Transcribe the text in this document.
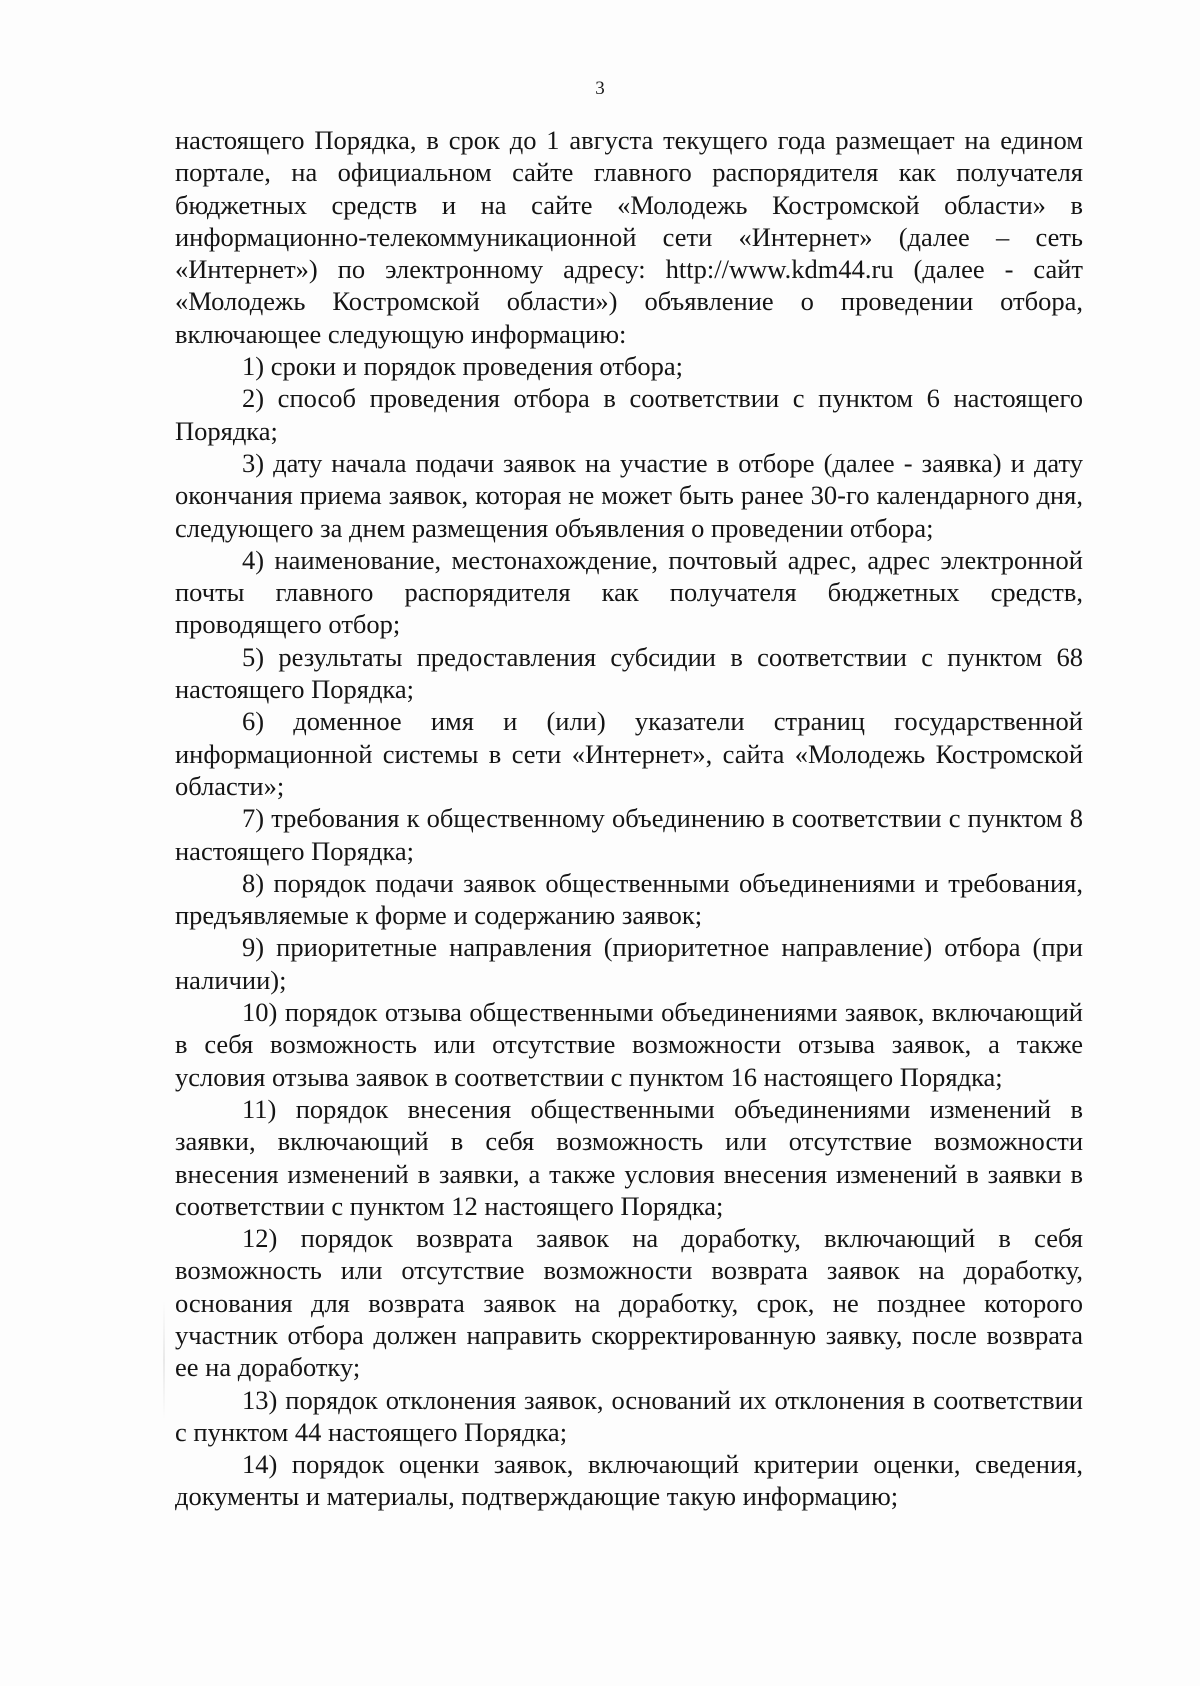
3

настоящего Порядка, в срок до 1 августа текущего года размещает на едином портале, на официальном сайте главного распорядителя как получателя бюджетных средств и на сайте «Молодежь Костромской области» в информационно-телекоммуникационной сети «Интернет» (далее – сеть «Интернет») по электронному адресу: http://www.kdm44.ru (далее - сайт «Молодежь Костромской области») объявление о проведении отбора, включающее следующую информацию:

1) сроки и порядок проведения отбора;

2) способ проведения отбора в соответствии с пунктом 6 настоящего Порядка;

3) дату начала подачи заявок на участие в отборе (далее - заявка) и дату окончания приема заявок, которая не может быть ранее 30-го календарного дня, следующего за днем размещения объявления о проведении отбора;

4) наименование, местонахождение, почтовый адрес, адрес электронной почты главного распорядителя как получателя бюджетных средств, проводящего отбор;

5) результаты предоставления субсидии в соответствии с пунктом 68 настоящего Порядка;

6) доменное имя и (или) указатели страниц государственной информационной системы в сети «Интернет», сайта «Молодежь Костромской области»;

7) требования к общественному объединению в соответствии с пунктом 8 настоящего Порядка;

8) порядок подачи заявок общественными объединениями и требования, предъявляемые к форме и содержанию заявок;

9) приоритетные направления (приоритетное направление) отбора (при наличии);

10) порядок отзыва общественными объединениями заявок, включающий в себя возможность или отсутствие возможности отзыва заявок, а также условия отзыва заявок в соответствии с пунктом 16 настоящего Порядка;

11) порядок внесения общественными объединениями изменений в заявки, включающий в себя возможность или отсутствие возможности внесения изменений в заявки, а также условия внесения изменений в заявки в соответствии с пунктом 12 настоящего Порядка;

12) порядок возврата заявок на доработку, включающий в себя возможность или отсутствие возможности возврата заявок на доработку, основания для возврата заявок на доработку, срок, не позднее которого участник отбора должен направить скорректированную заявку, после возврата ее на доработку;

13) порядок отклонения заявок, оснований их отклонения в соответствии с пунктом 44 настоящего Порядка;

14) порядок оценки заявок, включающий критерии оценки, сведения, документы и материалы, подтверждающие такую информацию;
